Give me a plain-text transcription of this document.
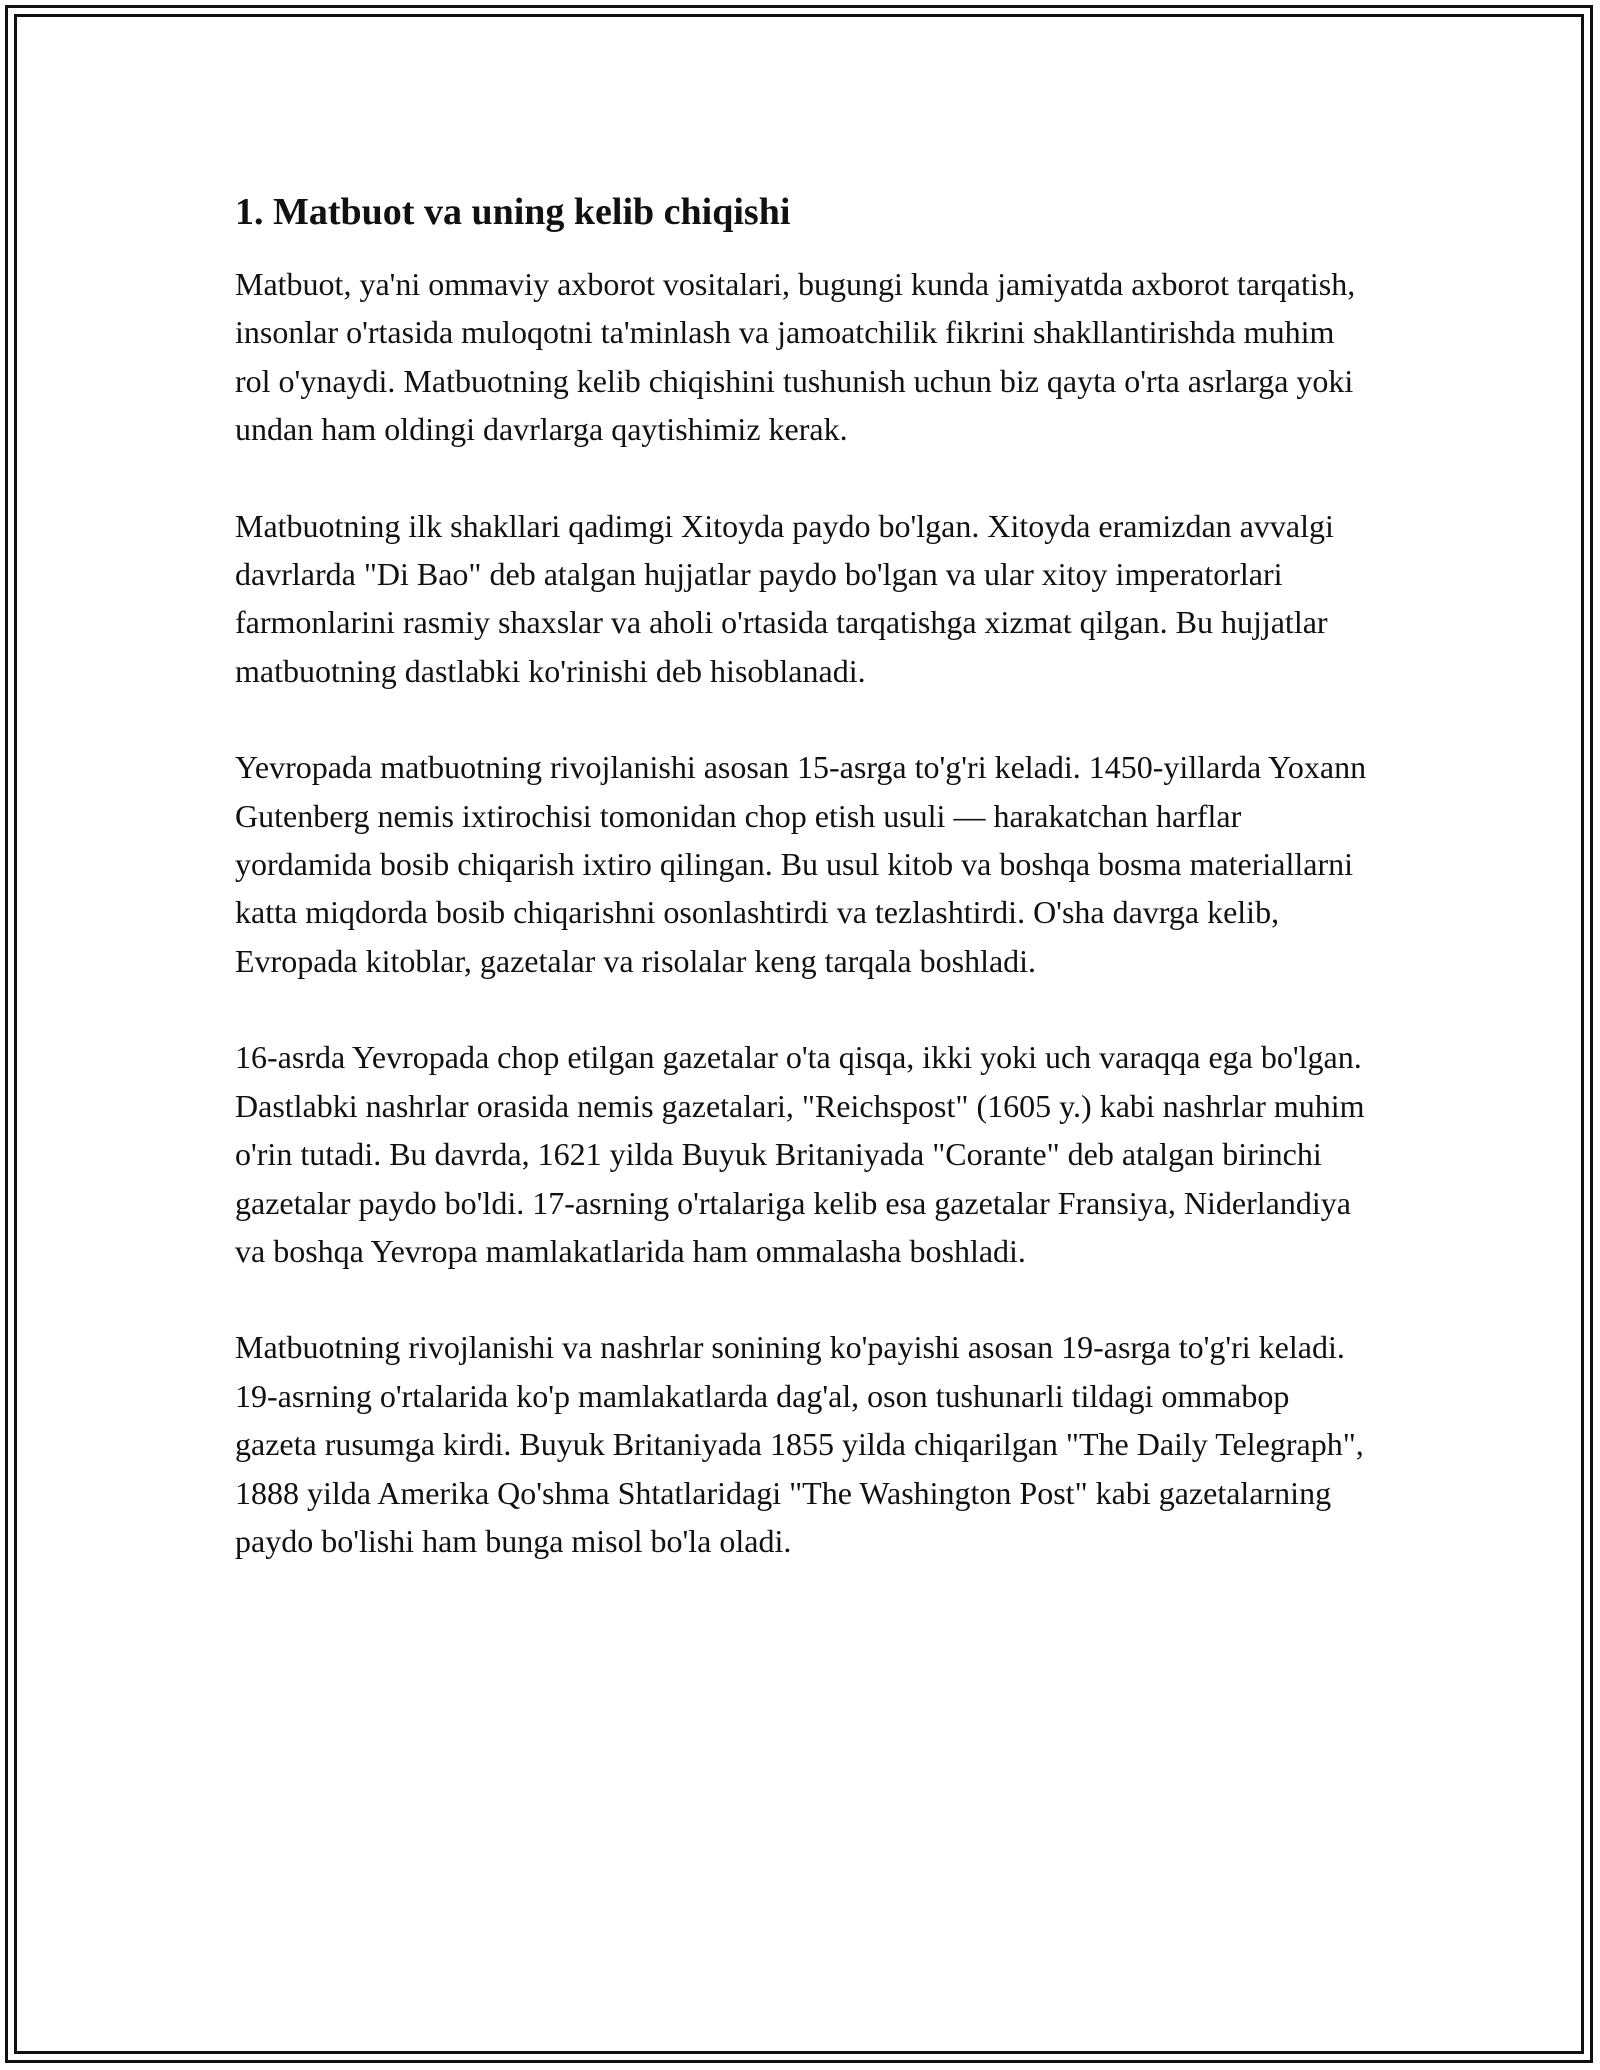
1. Matbuot va uning kelib chiqishi

Matbuot, ya'ni ommaviy axborot vositalari, bugungi kunda jamiyatda axborot tarqatish, insonlar o'rtasida muloqotni ta'minlash va jamoatchilik fikrini shakllantirishda muhim rol o'ynaydi. Matbuotning kelib chiqishini tushunish uchun biz qayta o'rta asrlarga yoki undan ham oldingi davrlarga qaytishimiz kerak.

Matbuotning ilk shakllari qadimgi Xitoyda paydo bo'lgan. Xitoyda eramizdan avvalgi davrlarda "Di Bao" deb atalgan hujjatlar paydo bo'lgan va ular xitoy imperatorlari farmonlarini rasmiy shaxslar va aholi o'rtasida tarqatishga xizmat qilgan. Bu hujjatlar matbuotning dastlabki ko'rinishi deb hisoblanadi.

Yevropada matbuotning rivojlanishi asosan 15-asrga to'g'ri keladi. 1450-yillarda Yoxann Gutenberg nemis ixtirochisi tomonidan chop etish usuli — harakatchan harflar yordamida bosib chiqarish ixtiro qilingan. Bu usul kitob va boshqa bosma materiallarni katta miqdorda bosib chiqarishni osonlashtirdi va tezlashtirdi. O'sha davrga kelib, Evropada kitoblar, gazetalar va risolalar keng tarqala boshladi.

16-asrda Yevropada chop etilgan gazetalar o'ta qisqa, ikki yoki uch varaqqa ega bo'lgan. Dastlabki nashrlar orasida nemis gazetalari, "Reichspost" (1605 y.) kabi nashrlar muhim o'rin tutadi. Bu davrda, 1621 yilda Buyuk Britaniyada "Corante" deb atalgan birinchi gazetalar paydo bo'ldi. 17-asrning o'rtalariga kelib esa gazetalar Fransiya, Niderlandiya va boshqa Yevropa mamlakatlarida ham ommalasha boshladi.

Matbuotning rivojlanishi va nashrlar sonining ko'payishi asosan 19-asrga to'g'ri keladi. 19-asrning o'rtalarida ko'p mamlakatlarda dag'al, oson tushunarli tildagi ommabop gazeta rusumga kirdi. Buyuk Britaniyada 1855 yilda chiqarilgan "The Daily Telegraph", 1888 yilda Amerika Qo'shma Shtatlaridagi "The Washington Post" kabi gazetalarning paydo bo'lishi ham bunga misol bo'la oladi.
